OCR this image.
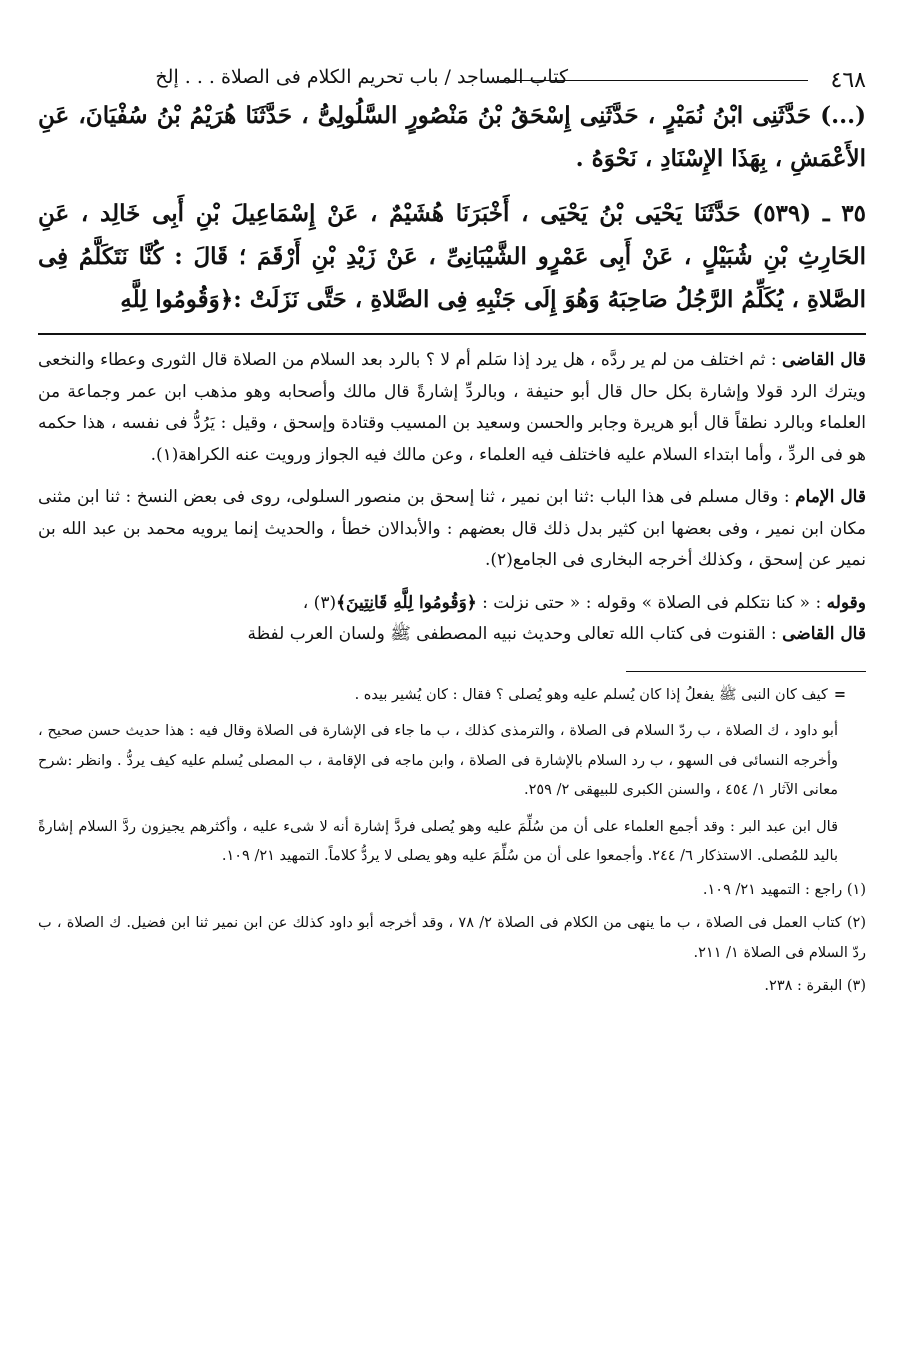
٤٦٨
كتاب المساجد / باب تحريم الكلام فى الصلاة . . . إلخ

(...) حَدَّثَنِى ابْنُ نُمَيْرٍ ، حَدَّثَنِى إِسْحَقُ بْنُ مَنْصُورٍ السَّلُولِىُّ ، حَدَّثَنَا هُرَيْمُ بْنُ سُفْيَانَ، عَنِ الأَعْمَشِ ، بِهَذَا الإِسْنَادِ ، نَحْوَهُ .

٣٥ ـ (٥٣٩) حَدَّثَنَا يَحْيَى بْنُ يَحْيَى ، أَخْبَرَنَا هُشَيْمٌ ، عَنْ إِسْمَاعِيلَ بْنِ أَبِى خَالِد ، عَنِ الحَارِثِ بْنِ شُبَيْلٍ ، عَنْ أَبِى عَمْرٍو الشَّيْبَانِىِّ ، عَنْ زَيْدِ بْنِ أَرْقَمَ ؛ قَالَ : كُنَّا نَتَكَلَّمُ فِى الصَّلاةِ ، يُكَلِّمُ الرَّجُلُ صَاحِبَهُ وَهُوَ إِلَى جَنْبِهِ فِى الصَّلاةِ ، حَتَّى نَزَلَتْ :﴿وَقُومُوا لِلَّهِ

قال القاضى : ثم اختلف من لم ير ردَّه ، هل يرد إذا سَلم أم لا ؟ بالرد بعد السلام من الصلاة قال الثورى وعطاء والنخعى ويترك الرد قولا وإشارة بكل حال قال أبو حنيفة ، وبالردِّ إشارةً قال مالك وأصحابه وهو مذهب ابن عمر وجماعة من العلماء وبالرد نطقاً قال أبو هريرة وجابر والحسن وسعيد بن المسيب وقتادة وإسحق ، وقيل : يَرُدُّ فى نفسه ، هذا حكمه هو فى الردِّ ، وأما ابتداء السلام عليه فاختلف فيه العلماء ، وعن مالك فيه الجواز ورويت عنه الكراهة(١).

قال الإمام : وقال مسلم فى هذا الباب :ثنا ابن نمير ، ثنا إسحق بن منصور السلولى، روى فى بعض النسخ : ثنا ابن مثنى مكان ابن نمير ، وفى بعضها ابن كثير بدل ذلك قال بعضهم : والأبدالان خطأ ، والحديث إنما يرويه محمد بن عبد الله بن نمير عن إسحق ، وكذلك أخرجه البخارى فى الجامع(٢).

وقوله : « كنا نتكلم فى الصلاة » وقوله : « حتى نزلت : ﴿وَقُومُوا لِلَّهِ قَانِتِينَ﴾(٣) ،
قال القاضى : القنوت فى كتاب الله تعالى وحديث نبيه المصطفى ﷺ ولسان العرب لفظة

=كيف كان النبى ﷺ يفعلُ إذا كان يُسلم عليه وهو يُصلى ؟ فقال : كان يُشير بيده .

أبو داود ، ك الصلاة ، ب ردّ السلام فى الصلاة ، والترمذى كذلك ، ب ما جاء فى الإشارة فى الصلاة وقال فيه : هذا حديث حسن صحيح ، وأخرجه النسائى فى السهو ، ب رد السلام بالإشارة فى الصلاة ، وابن ماجه فى الإقامة ، ب المصلى يُسلم عليه كيف يردُّ . وانظر :شرح معانى الآثار ١/ ٤٥٤ ، والسنن الكبرى للبيهقى ٢/ ٢٥٩.

قال ابن عبد البر : وقد أجمع العلماء على أن من سُلِّمَ عليه وهو يُصلى فردَّ إشارة أنه لا شىء عليه ، وأكثرهم يجيزون ردَّ السلام إشارةً باليد للمُصلى. الاستذكار ٦/ ٢٤٤. وأجمعوا على أن من سُلِّمَ عليه وهو يصلى لا يردُّ كلاماً. التمهيد ٢١/ ١٠٩.

(١) راجع : التمهيد ٢١/ ١٠٩.

(٢) كتاب العمل فى الصلاة ، ب ما ينهى من الكلام فى الصلاة ٢/ ٧٨ ، وقد أخرجه أبو داود كذلك عن ابن نمير ثنا ابن فضيل. ك الصلاة ، ب ردّ السلام فى الصلاة ١/ ٢١١.

(٣) البقرة : ٢٣٨.
